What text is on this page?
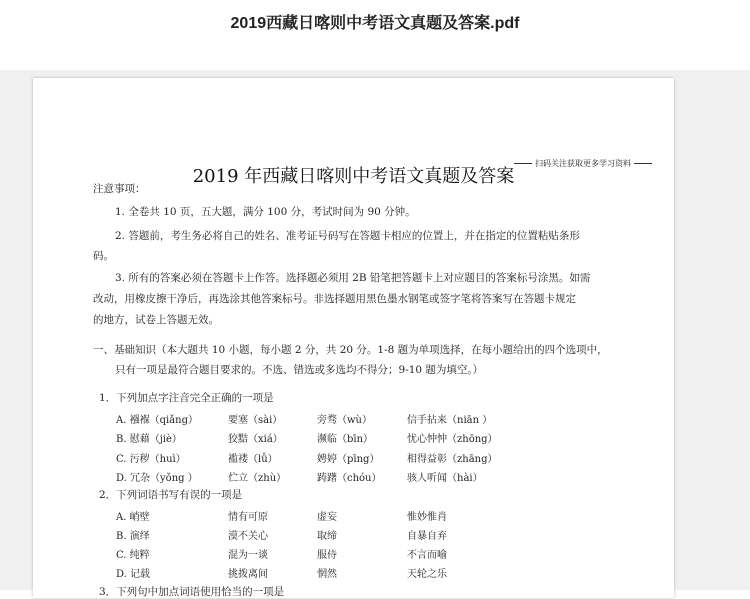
2019西藏日喀则中考语文真题及答案.pdf
扫码关注获取更多学习资料
2019 年西藏日喀则中考语文真题及答案
注意事项：
1. 全卷共 10 页，五大题，满分 100 分，考试时间为 90 分钟。
2. 答题前，考生务必将自己的姓名、准考证号码写在答题卡相应的位置上，并在指定的位置粘贴条形
码。
3. 所有的答案必须在答题卡上作答。选择题必须用 2B 铅笔把答题卡上对应题目的答案标号涂黑。如需
改动，用橡皮擦干净后，再选涂其他答案标号。非选择题用黑色墨水钢笔或签字笔将答案写在答题卡规定
的地方，试卷上答题无效。
一、基础知识（本大题共 10 小题，每小题 2 分，共 20 分。1-8 题为单项选择，在每小题给出的四个选项中，
只有一项是最符合题目要求的。不选、错选或多选均不得分；9-10 题为填空。）
1．下列加点字注音完全正确的一项是
A. 襁褓（qiǎng）	要塞（sài）	旁骛（wù）	信手拈来（niān ）
B. 慰藉（jiè）	狡黠（xiá）	濒临（bīn）	忧心忡忡（zhōng）
C. 污秽（huì）	褴褛（lǚ）	娉婷（pīng）	相得益彰（zhāng）
D. 冗杂（yǒng ）	伫立（zhù）	踌躇（chóu）	骇人听闻（hài）
2．下列词语书写有误的一项是
A. 峭壁	情有可原	虚妄	惟妙惟肖
B. 演绎	漠不关心	取缔	自暴自弃
C. 纯粹	混为一谈	服侍	不言而喻
D. 记载	挑拨离间	惘然	天轮之乐
3．下列句中加点词语使用恰当的一项是
